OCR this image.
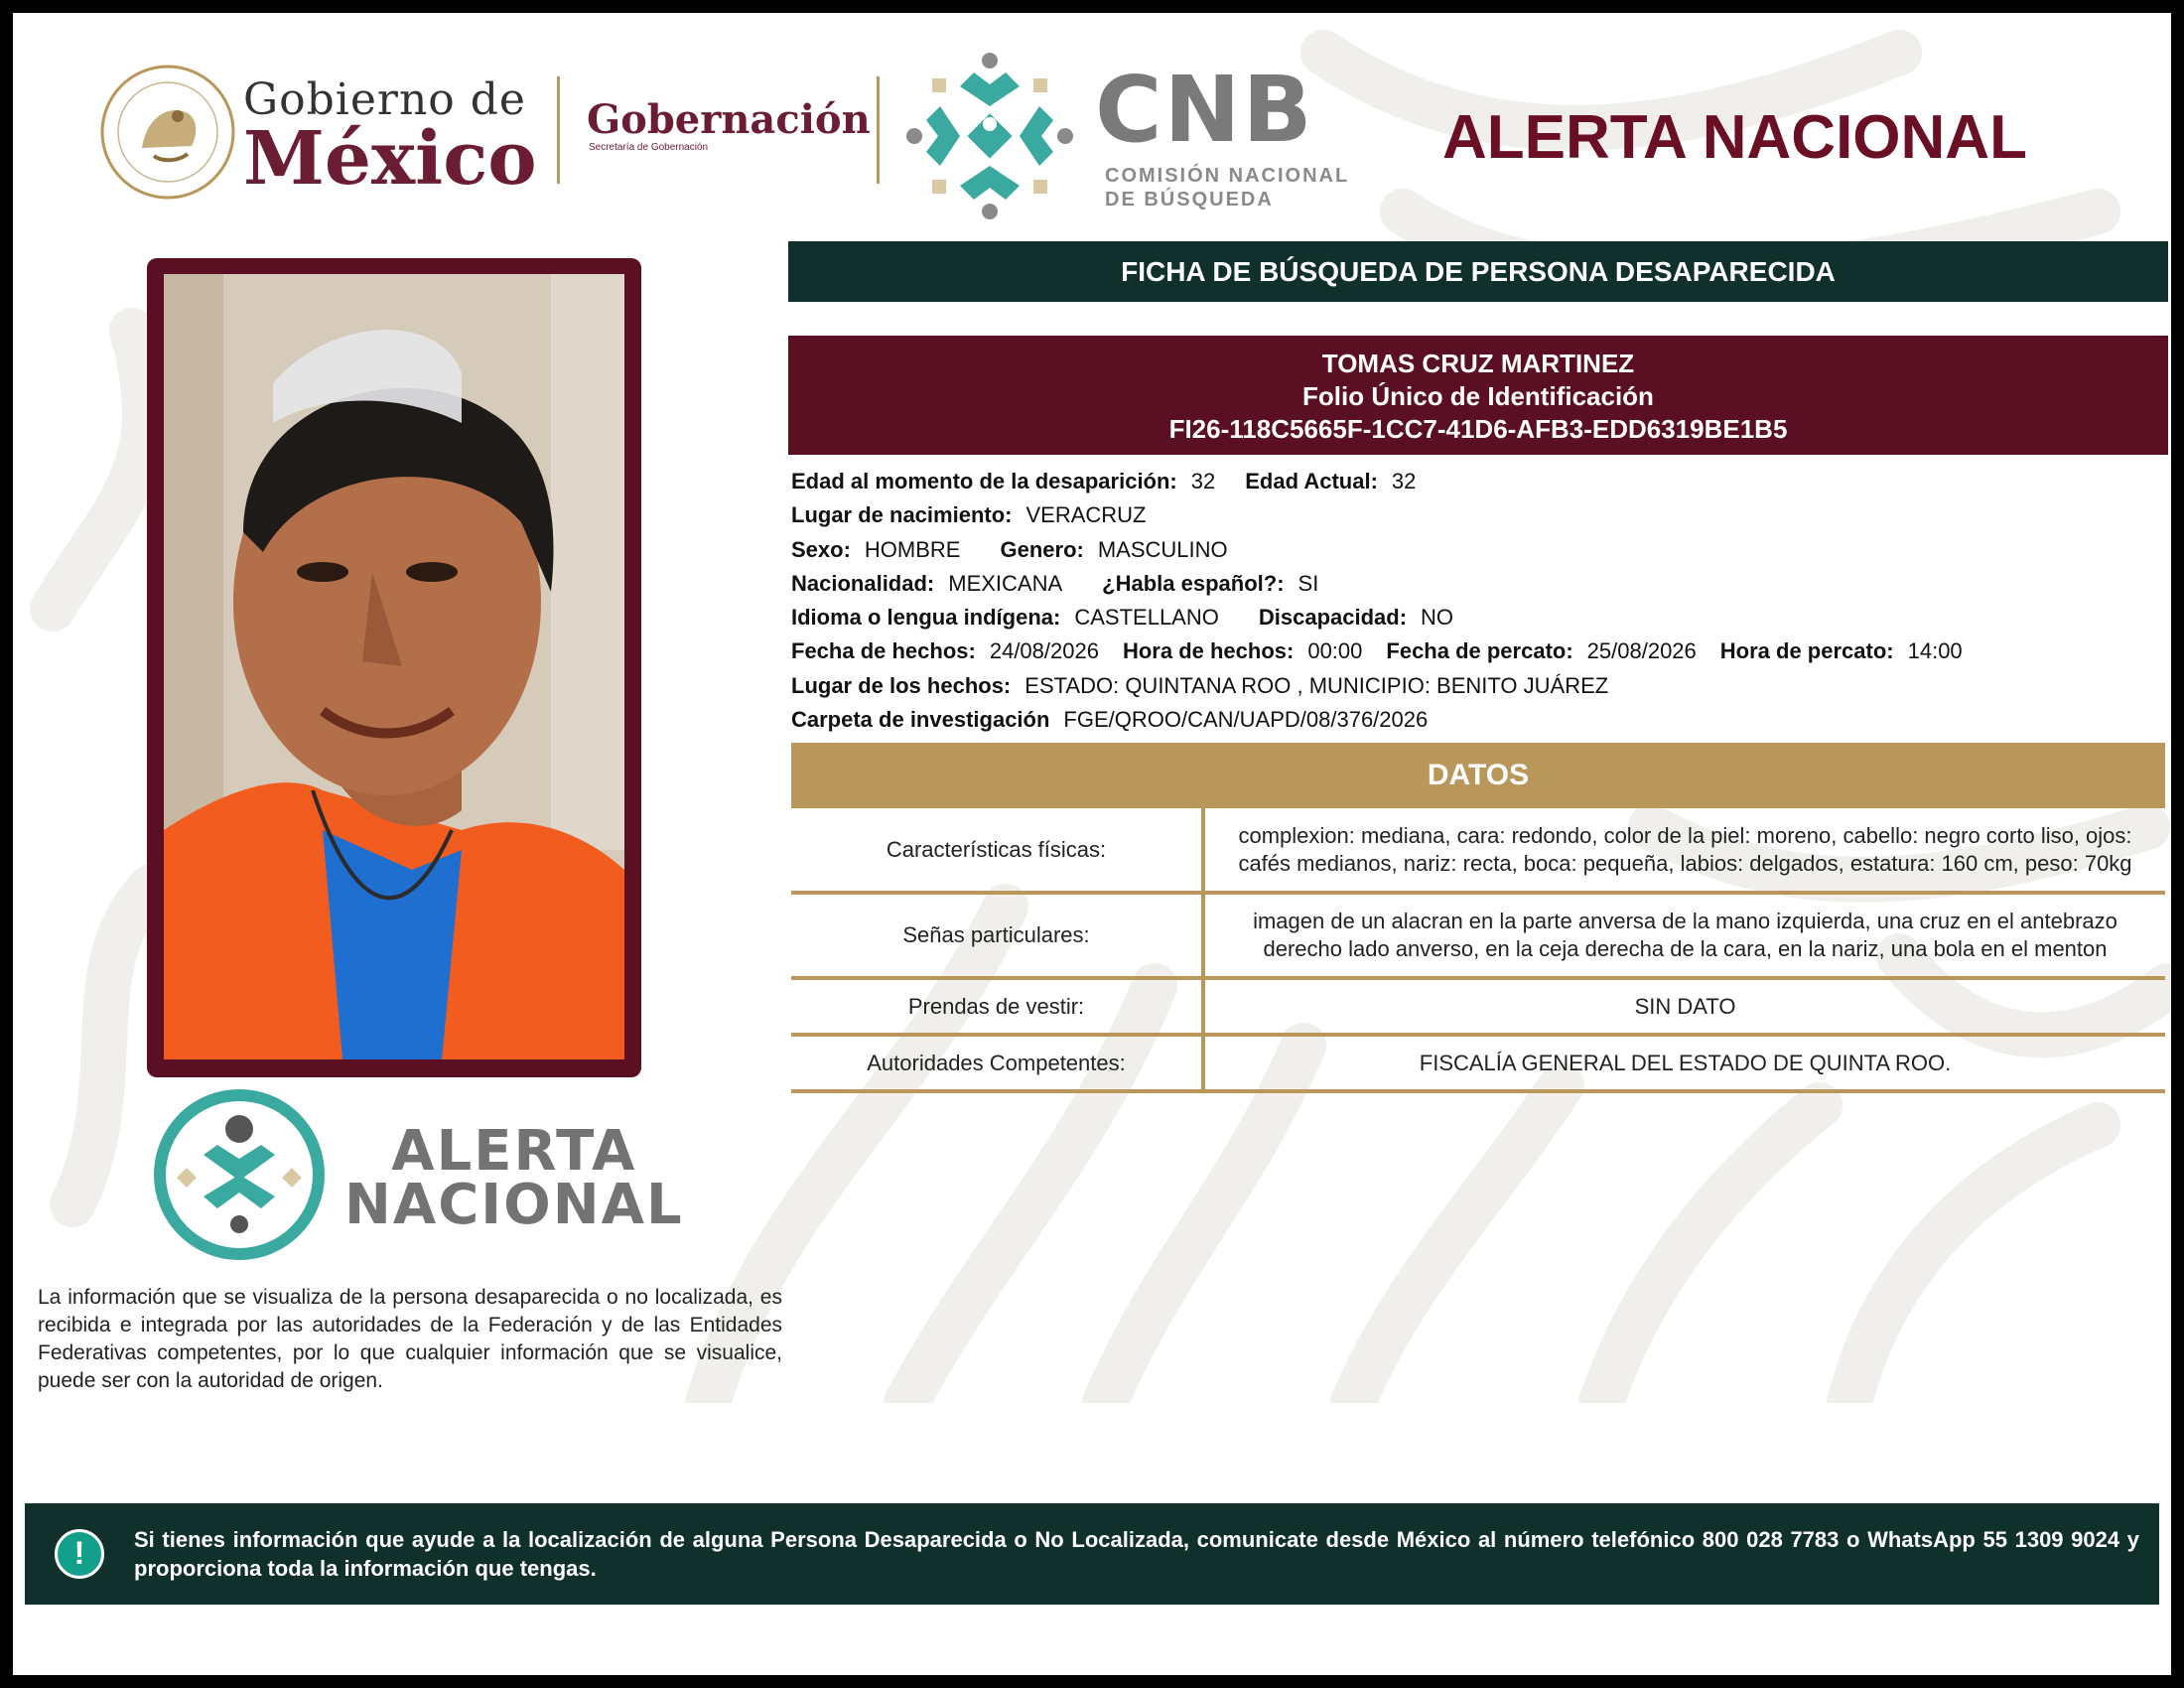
Gobierno de
México Gobernación
Secretaría de Gobernación	CNB
COMISIÓN NACIONAL
DE BÚSQUEDA
ALERTA NACIONAL
ALERTA
NACIONAL
La información que se visualiza de la persona desaparecida o no localizada, es recibida e integrada por las autoridades de la Federación y de las Entidades Federativas competentes, por lo que cualquier información que se visualice, puede ser con la autoridad de origen.
FICHA DE BÚSQUEDA DE PERSONA DESAPARECIDA
TOMAS CRUZ MARTINEZ
Folio Único de Identificación
FI26-118C5665F-1CC7-41D6-AFB3-EDD6319BE1B5
Edad al momento de la desaparición: 32 Edad Actual: 32
Lugar de nacimiento: VERACRUZ
Sexo: HOMBRE Genero: MASCULINO
Nacionalidad: MEXICANA ¿Habla español?: SI
Idioma o lengua indígena: CASTELLANO Discapacidad: NO
Fecha de hechos: 24/08/2026 Hora de hechos: 00:00 Fecha de percato: 25/08/2026 Hora de percato: 14:00
Lugar de los hechos: ESTADO: QUINTANA ROO , MUNICIPIO: BENITO JUÁREZ
Carpeta de investigación FGE/QROO/CAN/UAPD/08/376/2026
DATOS
Características físicas:	complexion: mediana, cara: redondo, color de la piel: moreno, cabello: negro corto liso, ojos: cafés medianos, nariz: recta, boca: pequeña, labios: delgados, estatura: 160 cm, peso: 70kg
Señas particulares:	imagen de un alacran en la parte anversa de la mano izquierda, una cruz en el antebrazo derecho lado anverso, en la ceja derecha de la cara, en la nariz, una bola en el menton
Prendas de vestir:	SIN DATO
Autoridades Competentes:	FISCALÍA GENERAL DEL ESTADO DE QUINTA ROO.
!	Si tienes información que ayude a la localización de alguna Persona Desaparecida o No Localizada, comunicate desde México al número telefónico 800 028 7783 o WhatsApp 55 1309 9024 y proporciona toda la información que tengas.
